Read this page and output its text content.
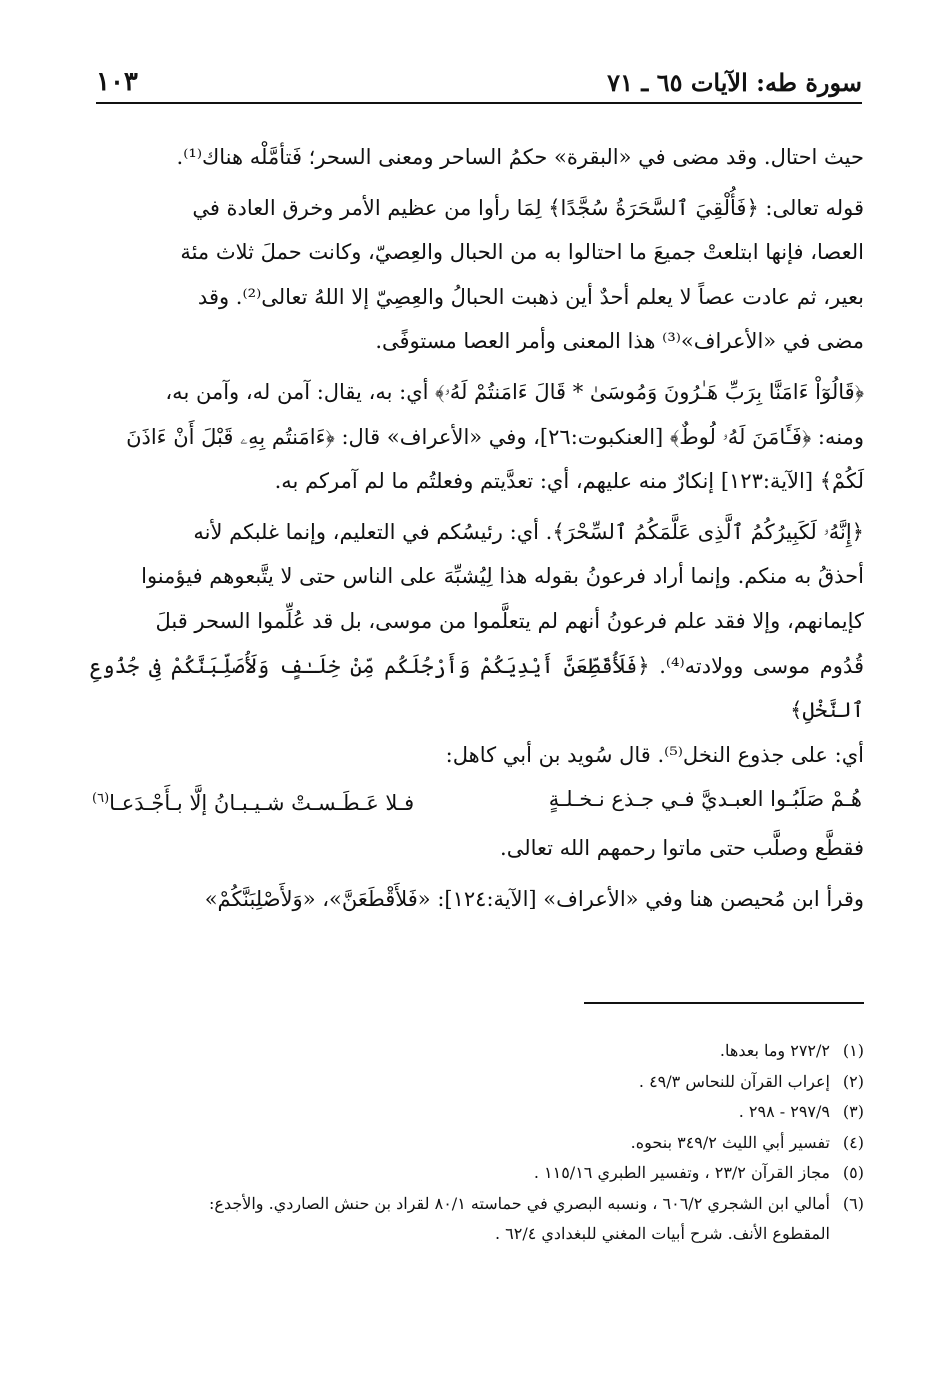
سورة طه: الآيات ٦٥ ـ ٧١
١٠٣

حيث احتال. وقد مضى في «البقرة» حكمُ الساحر ومعنى السحر؛ فَتأمَّلْه هناك⁽¹⁾.

قوله تعالى: ﴿فَأُلْقِيَ ٱلسَّحَرَةُ سُجَّدًا﴾ لِمَا رأوا من عظيم الأمر وخرق العادة في

العصا، فإنها ابتلعتْ جميعَ ما احتالوا به من الحبال والعِصيّ، وكانت حملَ ثلاث مئة

بعير، ثم عادت عصاً لا يعلم أحدٌ أين ذهبت الحبالُ والعِصِيّ إلا اللهُ تعالى⁽²⁾. وقد

مضى في «الأعراف»⁽³⁾ هذا المعنى وأمر العصا مستوفًى.

﴿قَالُوٓاْ ءَامَنَّا بِرَبِّ هَـٰرُونَ وَمُوسَىٰ * قَالَ ءَامَنتُمْ لَهُۥ﴾ أي: به، يقال: آمن له، وآمن به،

ومنه: ﴿فَـَٔامَنَ لَهُۥ لُوطٌ﴾ [العنكبوت:٢٦]، وفي «الأعراف» قال: ﴿ءَامَنتُم بِهِۦ قَبْلَ أَنْ ءَاذَنَ

لَكُمْ﴾ [الآية:١٢٣] إنكارٌ منه عليهم، أي: تعدَّيتم وفعلتُم ما لم آمركم به.

﴿إِنَّهُۥ لَكَبِيرُكُمُ ٱلَّذِى عَلَّمَكُمُ ٱلسِّحْرَ﴾. أي: رئيسُكم في التعليم، وإنما غلبكم لأنه

أحذقُ به منكم. وإنما أراد فرعونُ بقوله هذا لِيُشبِّهَ على الناس حتى لا يتَّبعوهم فيؤمنوا

كإيمانهم، وإلا فقد علم فرعونُ أنهم لم يتعلَّموا من موسى، بل قد عُلِّموا السحر قبلَ

قُدُوم موسى وولادته⁽⁴⁾. ﴿فَلَأُقَطِّعَنَّ أَيْدِيَكُمْ وَأَرْجُلَكُم مِّنْ خِلَـٰفٍ وَلَأُصَلِّبَنَّكُمْ فِى جُذُوعِ ٱلنَّخْلِ﴾

أي: على جذوع النخل⁽⁵⁾. قال سُويد بن أبي كاهل:

هُـمْ صَلَبُـوا العبـديَّ فـي جـذع نـخـلـةٍ
فـلا عَـطَـسـتْ شـيـبـانُ إلَّا بـأَجْـدَعـا$^{(٦)}$

فقطَّع وصلَّب حتى ماتوا رحمهم الله تعالى.

وقرأ ابن مُحيصن هنا وفي «الأعراف» [الآية:١٢٤]: «فَلأَقْطَعَنَّ»، «وَلأَصْلِبَنَّكُمْ»

(١)٢٧٢/٢ وما بعدها.

(٢)إعراب القرآن للنحاس ٤٩/٣ .

(٣)٢٩٧/٩ - ٢٩٨ .

(٤)تفسير أبي الليث ٣٤٩/٢ بنحوه.

(٥)مجاز القرآن ٢٣/٢ ، وتفسير الطبري ١١٥/١٦ .

(٦)أمالي ابن الشجري ٦٠٦/٢ ، ونسبه البصري في حماسته ٨٠/١ لقراد بن حنش الصاردي. والأجدع:

المقطوع الأنف. شرح أبيات المغني للبغدادي ٦٢/٤ .
